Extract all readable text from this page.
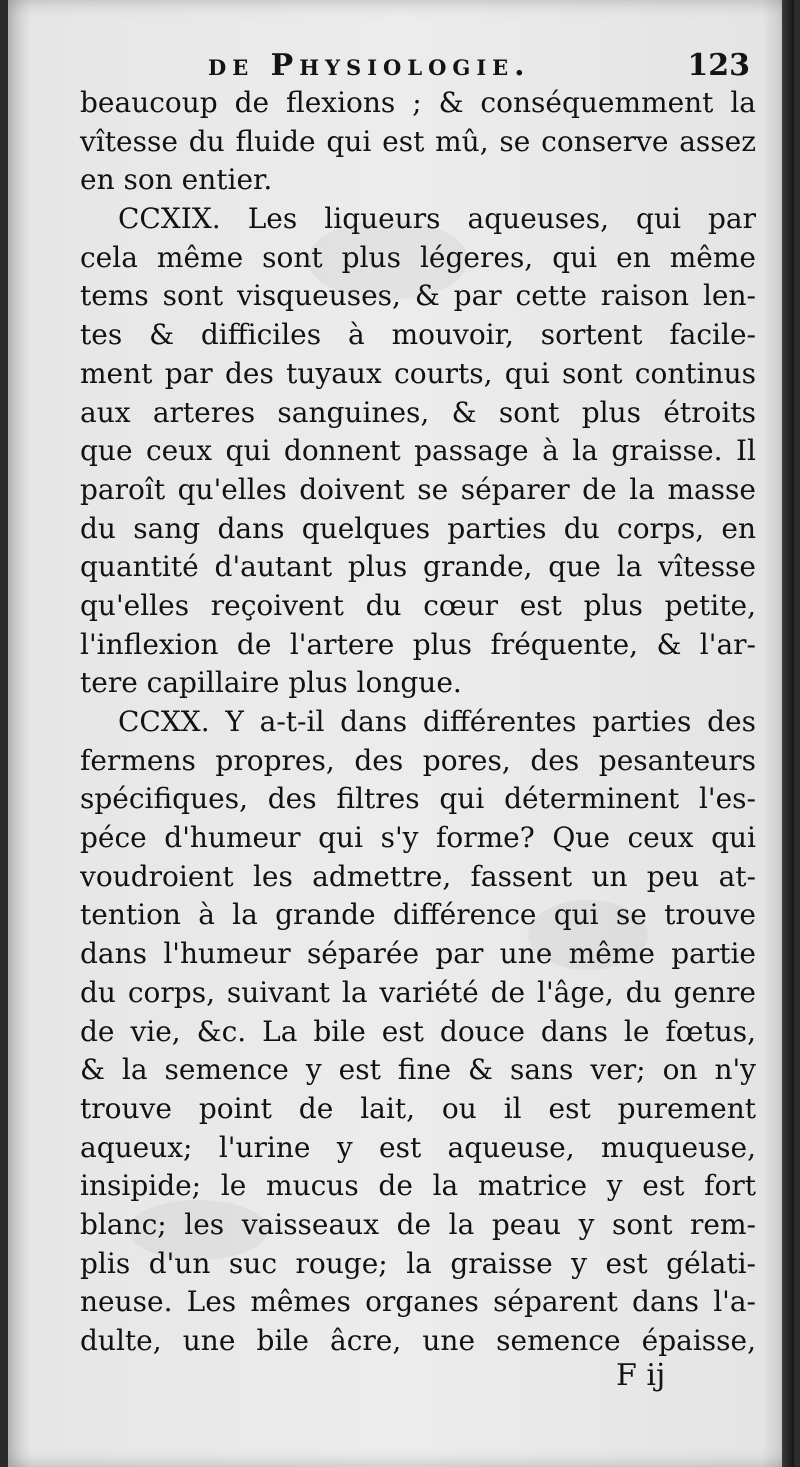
de Physiologie.	123
beaucoup de flexions ; & conséquemment la
vîtesse du fluide qui est mû, se conserve assez
en son entier.
CCXIX. Les liqueurs aqueuses, qui par
cela même sont plus légeres, qui en même
tems sont visqueuses, & par cette raison len-
tes & difficiles à mouvoir, sortent facile-
ment par des tuyaux courts, qui sont continus
aux arteres sanguines, & sont plus étroits
que ceux qui donnent passage à la graisse. Il
paroît qu'elles doivent se séparer de la masse
du sang dans quelques parties du corps, en
quantité d'autant plus grande, que la vîtesse
qu'elles reçoivent du cœur est plus petite,
l'inflexion de l'artere plus fréquente, & l'ar-
tere capillaire plus longue.
CCXX. Y a-t-il dans différentes parties des
fermens propres, des pores, des pesanteurs
spécifiques, des filtres qui déterminent l'es-
péce d'humeur qui s'y forme? Que ceux qui
voudroient les admettre, fassent un peu at-
tention à la grande différence qui se trouve
dans l'humeur séparée par une même partie
du corps, suivant la variété de l'âge, du genre
de vie, &c. La bile est douce dans le fœtus,
& la semence y est fine & sans ver; on n'y
trouve point de lait, ou il est purement
aqueux; l'urine y est aqueuse, muqueuse,
insipide; le mucus de la matrice y est fort
blanc; les vaisseaux de la peau y sont rem-
plis d'un suc rouge; la graisse y est gélati-
neuse. Les mêmes organes séparent dans l'a-
dulte, une bile âcre, une semence épaisse,
F ij
